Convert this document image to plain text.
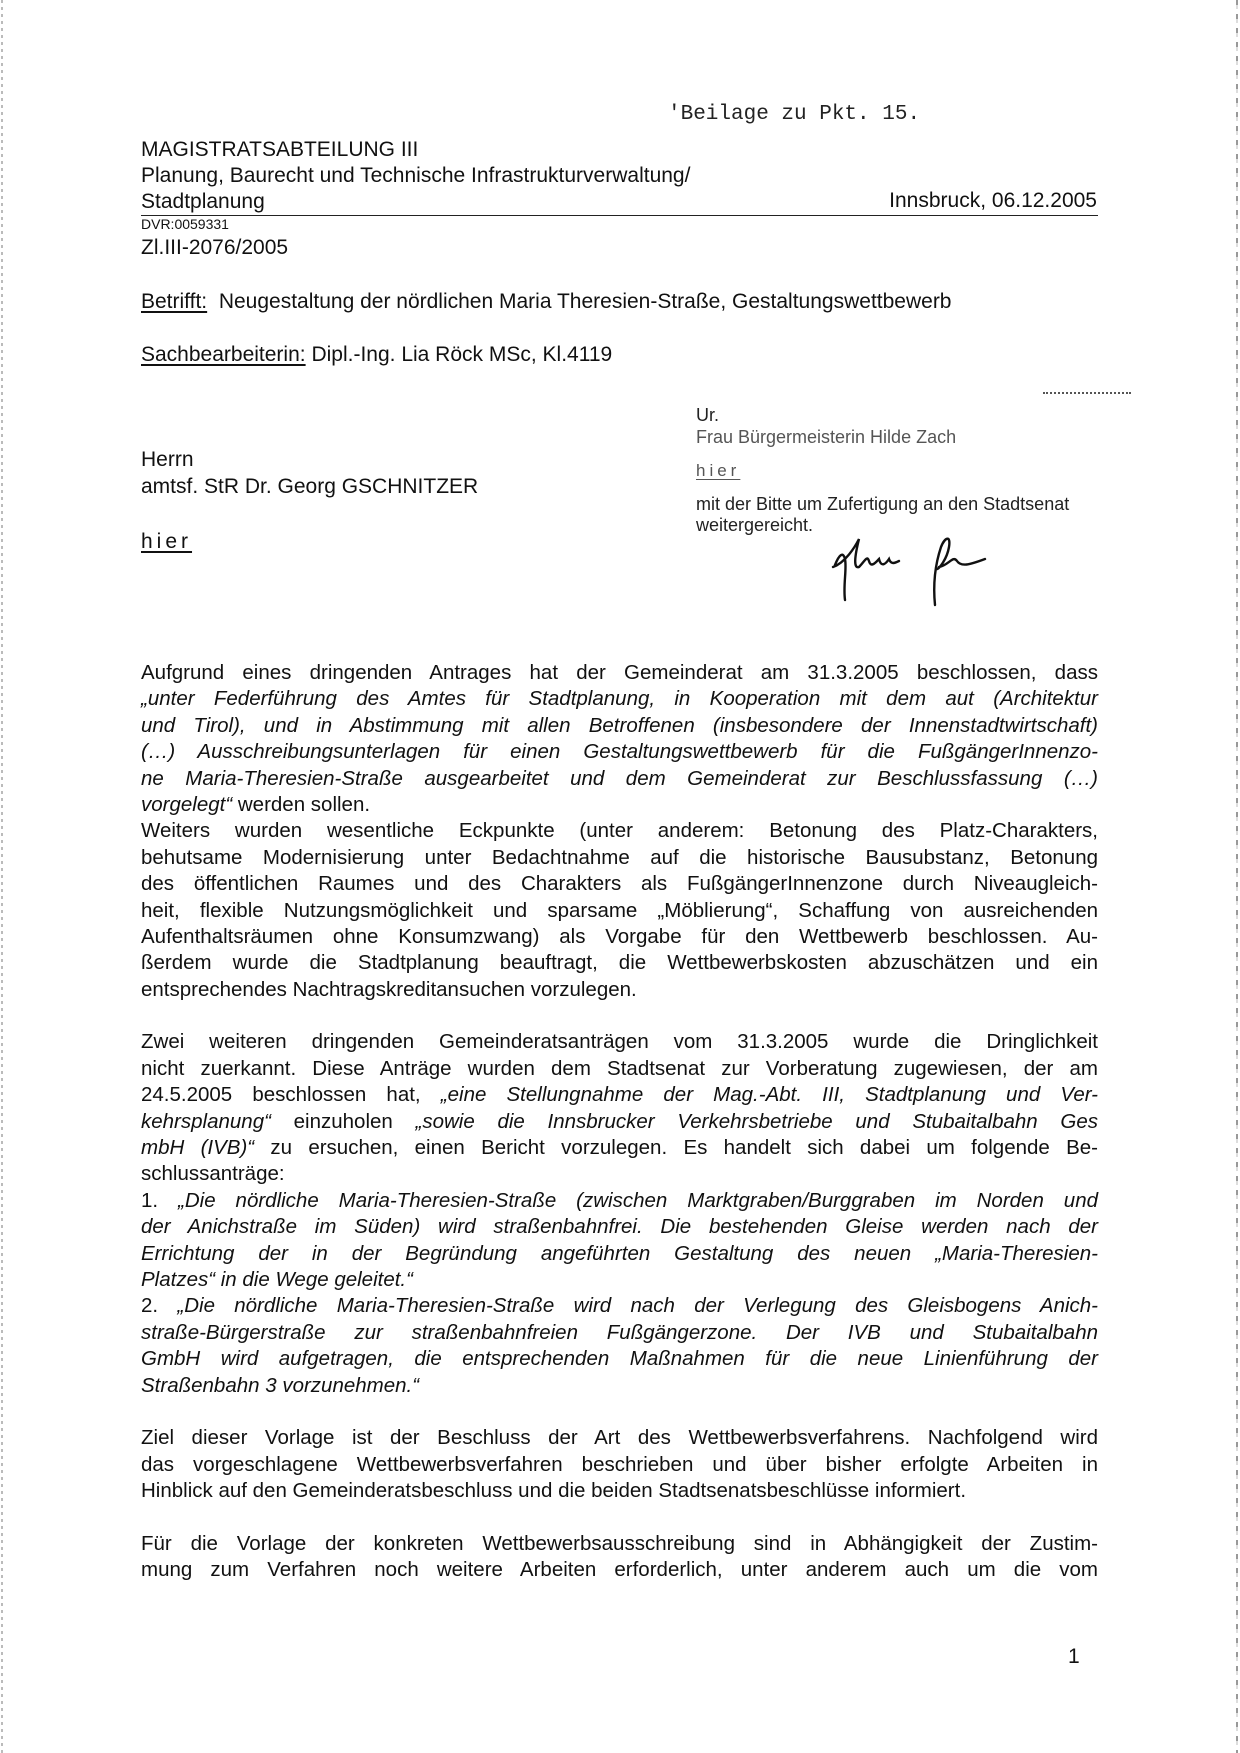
'Beilage zu Pkt. 15.
MAGISTRATSABTEILUNG III
Planung, Baurecht und Technische Infrastrukturverwaltung/
Stadtplanung	Innsbruck, 06.12.2005
DVR:0059331
Zl.III-2076/2005
Betrifft: Neugestaltung der nördlichen Maria Theresien-Straße, Gestaltungswettbewerb
Sachbearbeiterin: Dipl.-Ing. Lia Röck MSc, Kl.4119
Herrn
amtsf. StR Dr. Georg GSCHNITZER
hier
Ur.
Frau Bürgermeisterin Hilde Zach
hier
mit der Bitte um Zufertigung an den Stadtsenat
weitergereicht.
Aufgrund eines dringenden Antrages hat der Gemeinderat am 31.3.2005 beschlossen, dass
„unter Federführung des Amtes für Stadtplanung, in Kooperation mit dem aut (Architektur
und Tirol), und in Abstimmung mit allen Betroffenen (insbesondere der Innenstadtwirtschaft)
(…) Ausschreibungsunterlagen für einen Gestaltungswettbewerb für die FußgängerInnenzo-
ne Maria-Theresien-Straße ausgearbeitet und dem Gemeinderat zur Beschlussfassung (…)
vorgelegt“ werden sollen.
Weiters wurden wesentliche Eckpunkte (unter anderem: Betonung des Platz-Charakters,
behutsame Modernisierung unter Bedachtnahme auf die historische Bausubstanz, Betonung
des öffentlichen Raumes und des Charakters als FußgängerInnenzone durch Niveaugleich-
heit, flexible Nutzungsmöglichkeit und sparsame „Möblierung“, Schaffung von ausreichenden
Aufenthaltsräumen ohne Konsumzwang) als Vorgabe für den Wettbewerb beschlossen. Au-
ßerdem wurde die Stadtplanung beauftragt, die Wettbewerbskosten abzuschätzen und ein
entsprechendes Nachtragskreditansuchen vorzulegen.
Zwei weiteren dringenden Gemeinderatsanträgen vom 31.3.2005 wurde die Dringlichkeit
nicht zuerkannt. Diese Anträge wurden dem Stadtsenat zur Vorberatung zugewiesen, der am
24.5.2005 beschlossen hat, „eine Stellungnahme der Mag.-Abt. III, Stadtplanung und Ver-
kehrsplanung“ einzuholen „sowie die Innsbrucker Verkehrsbetriebe und Stubaitalbahn Ges
mbH (IVB)“ zu ersuchen, einen Bericht vorzulegen. Es handelt sich dabei um folgende Be-
schlussanträge:
1. „Die nördliche Maria-Theresien-Straße (zwischen Marktgraben/Burggraben im Norden und
der Anichstraße im Süden) wird straßenbahnfrei. Die bestehenden Gleise werden nach der
Errichtung der in der Begründung angeführten Gestaltung des neuen „Maria-Theresien-
Platzes“ in die Wege geleitet.“
2. „Die nördliche Maria-Theresien-Straße wird nach der Verlegung des Gleisbogens Anich-
straße-Bürgerstraße zur straßenbahnfreien Fußgängerzone. Der IVB und Stubaitalbahn
GmbH wird aufgetragen, die entsprechenden Maßnahmen für die neue Linienführung der
Straßenbahn 3 vorzunehmen.“
Ziel dieser Vorlage ist der Beschluss der Art des Wettbewerbsverfahrens. Nachfolgend wird
das vorgeschlagene Wettbewerbsverfahren beschrieben und über bisher erfolgte Arbeiten in
Hinblick auf den Gemeinderatsbeschluss und die beiden Stadtsenatsbeschlüsse informiert.
Für die Vorlage der konkreten Wettbewerbsausschreibung sind in Abhängigkeit der Zustim-
mung zum Verfahren noch weitere Arbeiten erforderlich, unter anderem auch um die vom
1
